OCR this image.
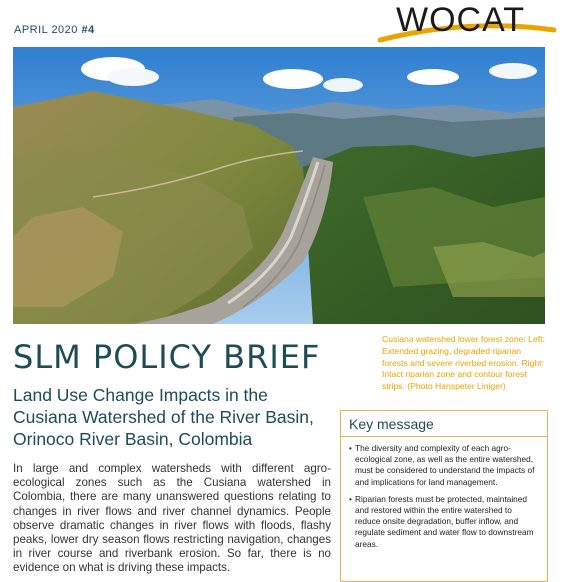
APRIL 2020 #4	WOCAT
SLM POLICY BRIEF
Land Use Change Impacts in the Cusiana Watershed of the River Basin, Orinoco River Basin, Colombia
In large and complex watersheds with different agro-ecological zones such as the Cusiana watershed in Colombia, there are many unanswered questions relating to changes in river flows and river channel dynamics. People observe dramatic changes in river flows with floods, flashy peaks, lower dry season flows restricting navigation, changes in river course and riverbank erosion. So far, there is no evidence on what is driving these impacts.
Cusiana watershed lower forest zone: Left: Extended grazing, degraded riparian forests and severe riverbed erosion. Right: Intact riparian zone and contour forest strips. (Photo Hanspeter Liniger)
Key message
• The diversity and complexity of each agro-ecological zone, as well as the entire watershed, must be considered to understand the impacts of and implications for land management.
• Riparian forests must be protected, maintained and restored within the entire watershed to reduce onsite degradation, buffer inflow, and regulate sediment and water flow to downstream areas.
